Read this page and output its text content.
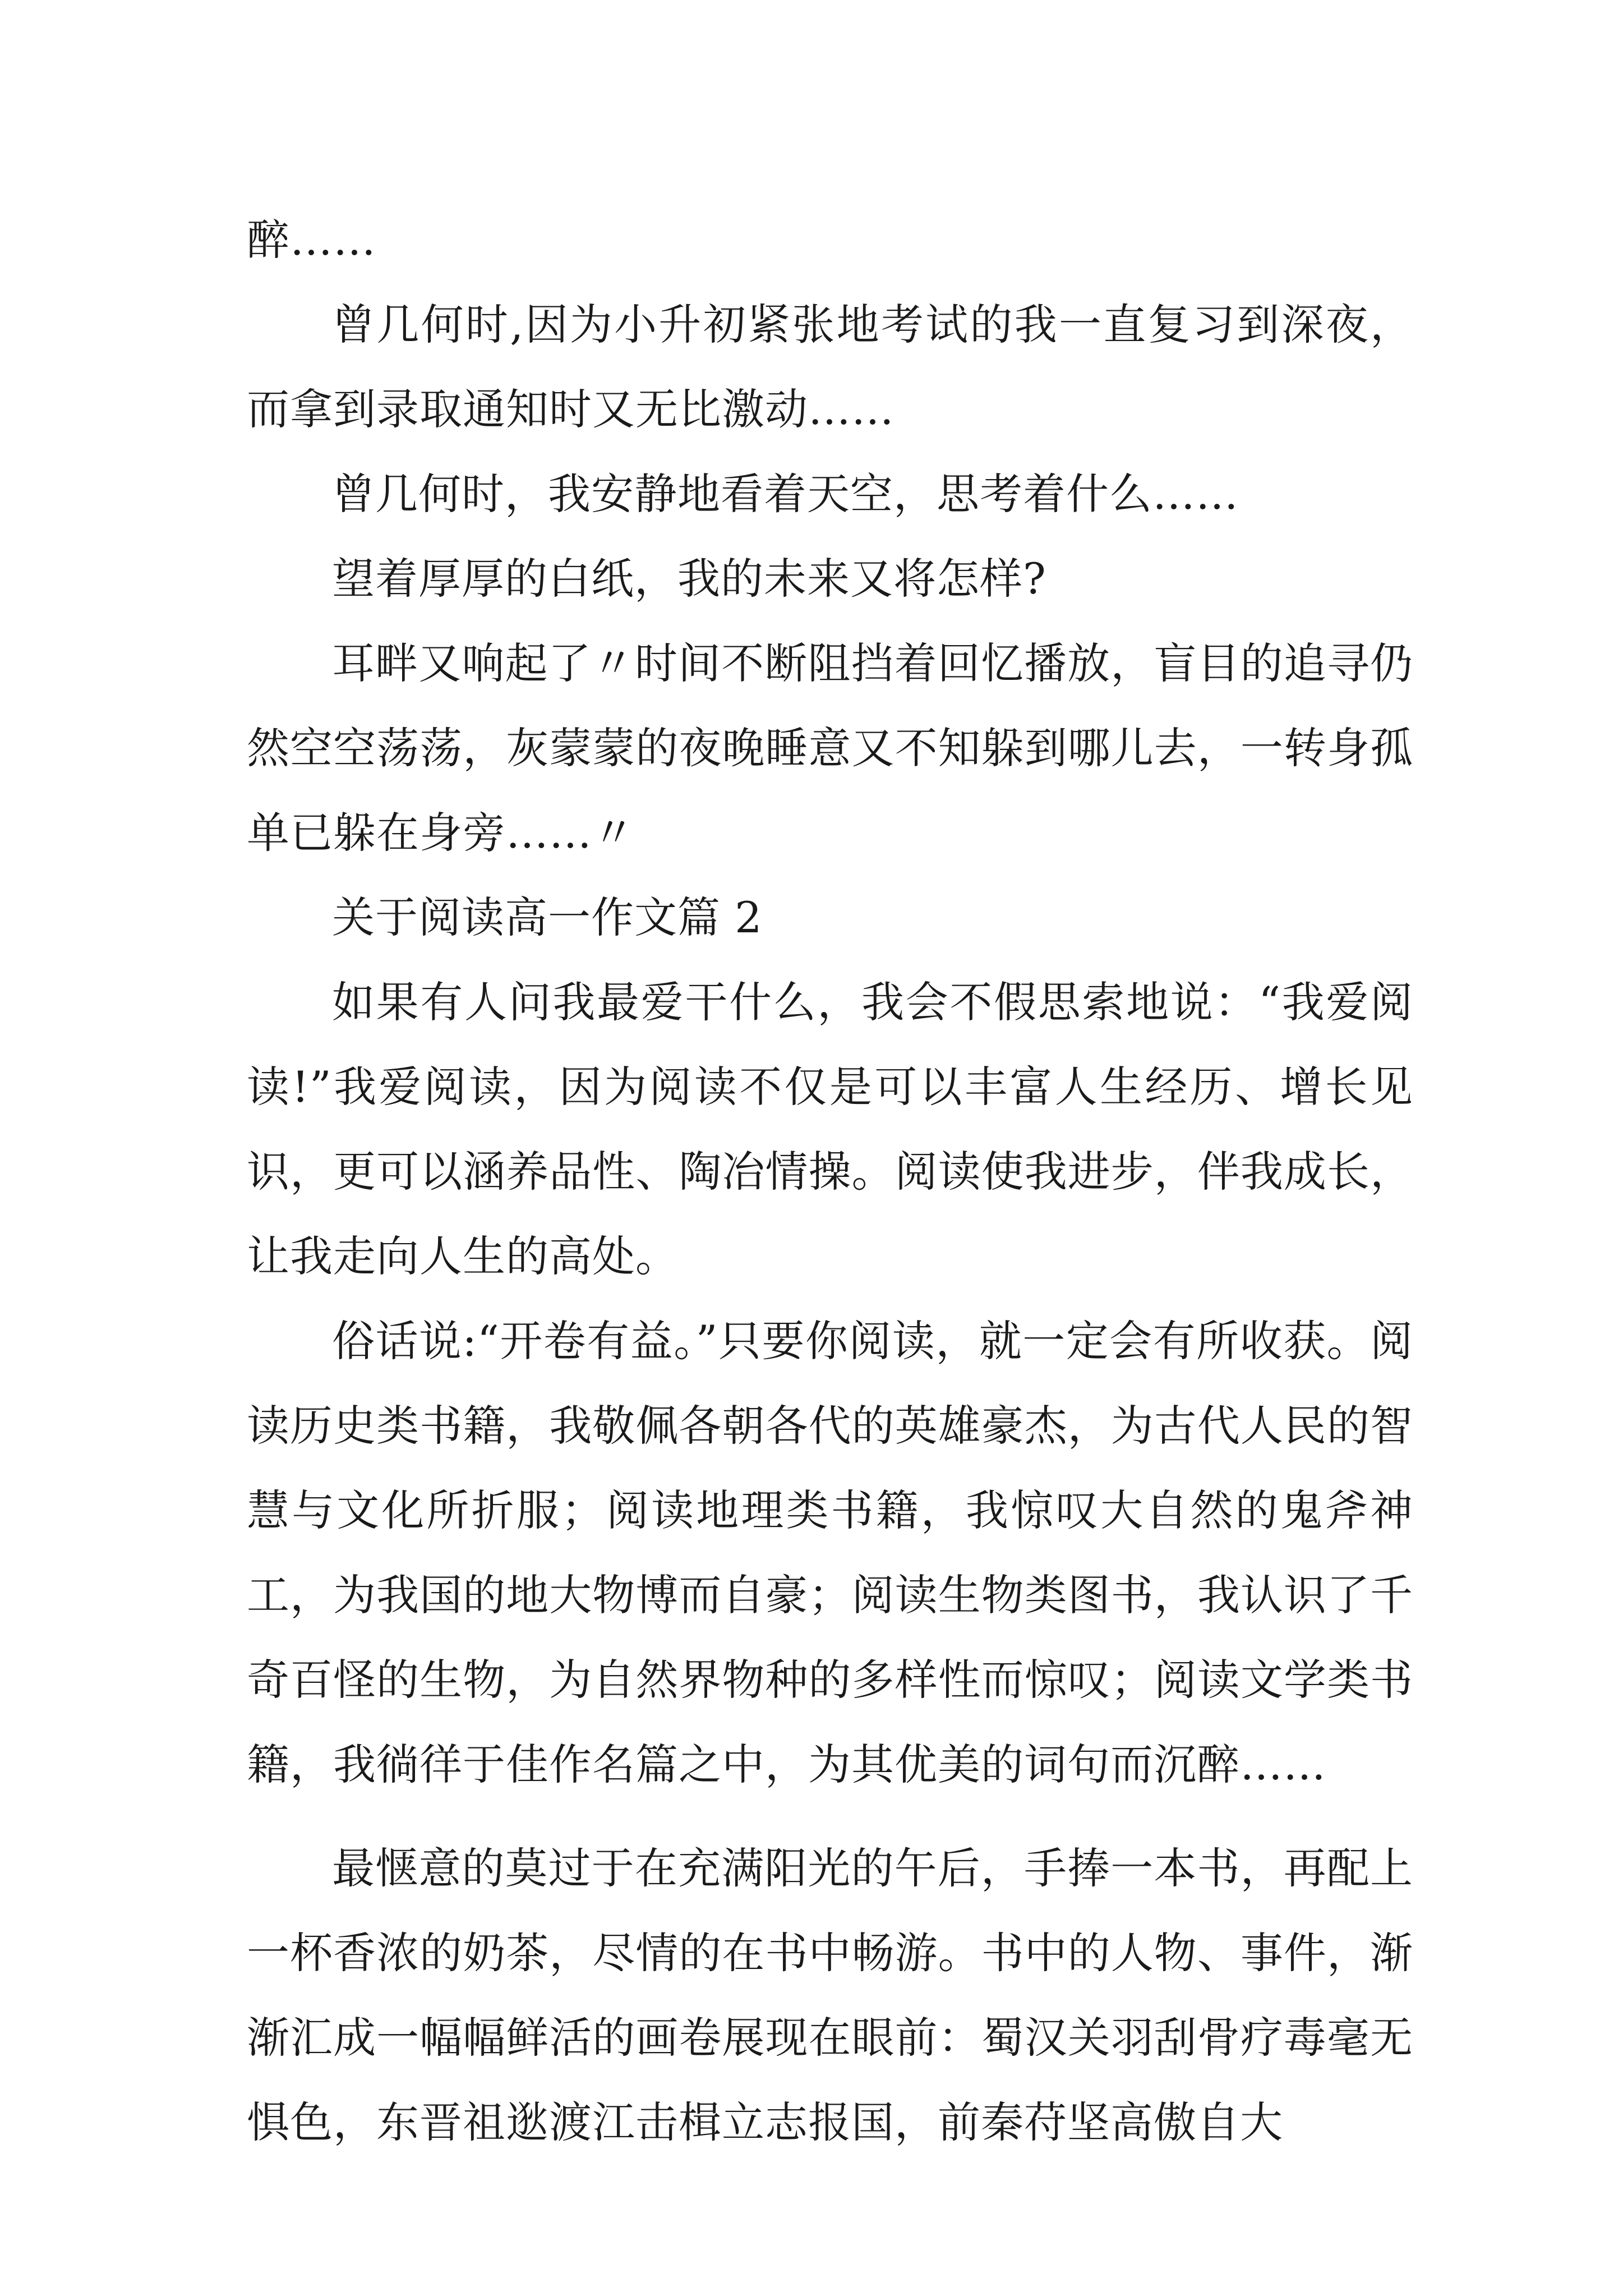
醉……

曾几何时,因为小升初紧张地考试的我一直复习到深夜，而拿到录取通知时又无比激动……

曾几何时，我安静地看着天空，思考着什么……

望着厚厚的白纸，我的未来又将怎样?

耳畔又响起了〃时间不断阻挡着回忆播放，盲目的追寻仍然空空荡荡，灰蒙蒙的夜晚睡意又不知躲到哪儿去，一转身孤单已躲在身旁……〃

关于阅读高一作文篇 2

如果有人问我最爱干什么，我会不假思索地说：“我爱阅读!”我爱阅读，因为阅读不仅是可以丰富人生经历、增长见识，更可以涵养品性、陶冶情操。阅读使我进步，伴我成长，让我走向人生的高处。

俗话说:“开卷有益。”只要你阅读，就一定会有所收获。阅读历史类书籍，我敬佩各朝各代的英雄豪杰，为古代人民的智慧与文化所折服；阅读地理类书籍，我惊叹大自然的鬼斧神工，为我国的地大物博而自豪；阅读生物类图书，我认识了千奇百怪的生物，为自然界物种的多样性而惊叹；阅读文学类书籍，我徜徉于佳作名篇之中，为其优美的词句而沉醉……

最惬意的莫过于在充满阳光的午后，手捧一本书，再配上一杯香浓的奶茶，尽情的在书中畅游。书中的人物、事件，渐渐汇成一幅幅鲜活的画卷展现在眼前：蜀汉关羽刮骨疗毒毫无惧色，东晋祖逖渡江击楫立志报国，前秦苻坚高傲自大
